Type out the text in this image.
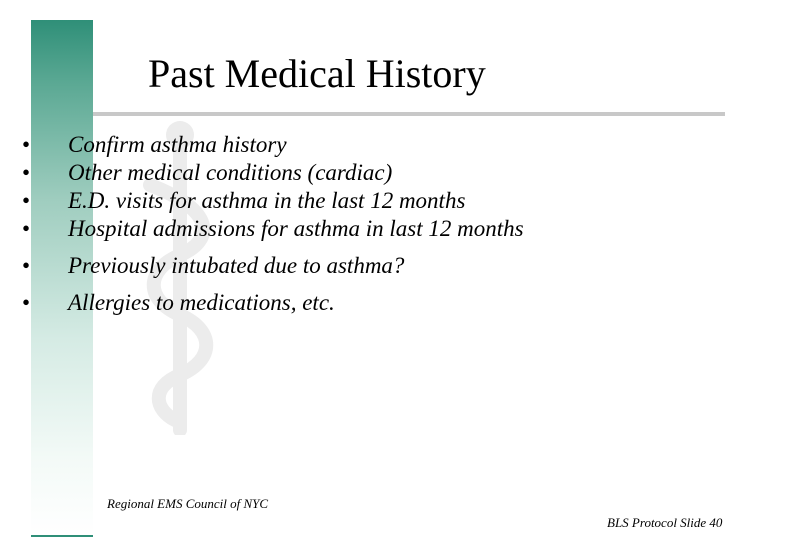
Past Medical History
•	Confirm asthma history
•	Other medical conditions (cardiac)
•	E.D. visits for asthma in the last 12 months
•	Hospital admissions for asthma in last 12 months
•	Previously intubated due to asthma?
•	Allergies to medications, etc.
Regional EMS Council of NYC
BLS Protocol Slide 40
